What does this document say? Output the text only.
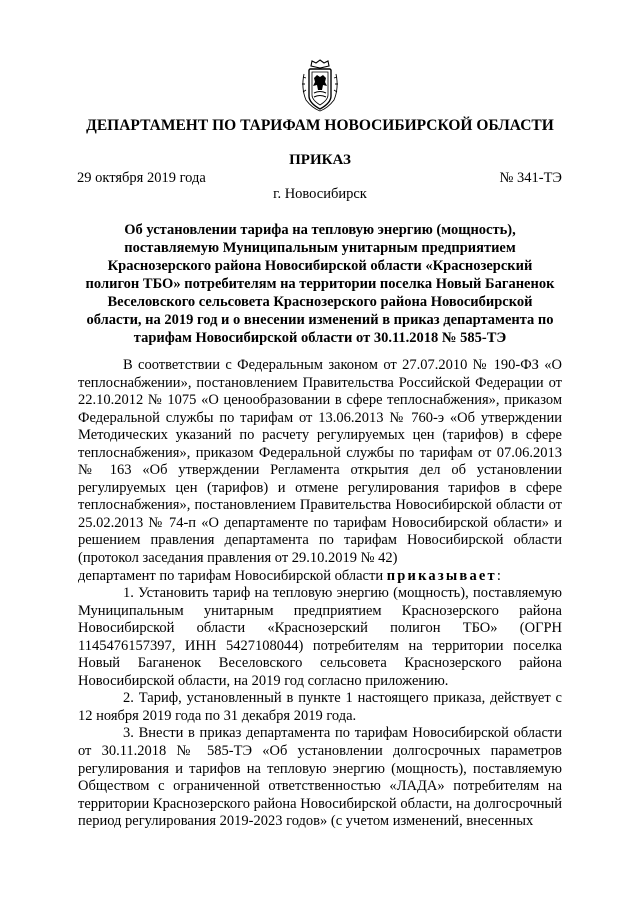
ДЕПАРТАМЕНТ ПО ТАРИФАМ НОВОСИБИРСКОЙ ОБЛАСТИ
ПРИКАЗ
29 октября 2019 года	№ 341-ТЭ
г. Новосибирск
Об установлении тарифа на тепловую энергию (мощность), поставляемую Муниципальным унитарным предприятием Краснозерского района Новосибирской области «Краснозерский полигон ТБО» потребителям на территории поселка Новый Баганенок Веселовского сельсовета Краснозерского района Новосибирской области, на 2019 год и о внесении изменений в приказ департамента по тарифам Новосибирской области от 30.11.2018 № 585-ТЭ

В соответствии с Федеральным законом от 27.07.2010 № 190-ФЗ «О теплоснабжении», постановлением Правительства Российской Федерации от 22.10.2012 № 1075 «О ценообразовании в сфере теплоснабжения», приказом Федеральной службы по тарифам от 13.06.2013 № 760-э «Об утверждении Методических указаний по расчету регулируемых цен (тарифов) в сфере теплоснабжения», приказом Федеральной службы по тарифам от 07.06.2013 № 163 «Об утверждении Регламента открытия дел об установлении регулируемых цен (тарифов) и отмене регулирования тарифов в сфере теплоснабжения», постановлением Правительства Новосибирской области от 25.02.2013 № 74-п «О департаменте по тарифам Новосибирской области» и решением правления департамента по тарифам Новосибирской области (протокол заседания правления от 29.10.2019 № 42)

департамент по тарифам Новосибирской области приказывает:

1. Установить тариф на тепловую энергию (мощность), поставляемую Муниципальным унитарным предприятием Краснозерского района Новосибирской области «Краснозерский полигон ТБО» (ОГРН 1145476157397, ИНН 5427108044) потребителям на территории поселка Новый Баганенок Веселовского сельсовета Краснозерского района Новосибирской области, на 2019 год согласно приложению.

2. Тариф, установленный в пункте 1 настоящего приказа, действует с 12 ноября 2019 года по 31 декабря 2019 года.

3. Внести в приказ департамента по тарифам Новосибирской области от 30.11.2018 № 585-ТЭ «Об установлении долгосрочных параметров регулирования и тарифов на тепловую энергию (мощность), поставляемую Обществом с ограниченной ответственностью «ЛАДА» потребителям на территории Краснозерского района Новосибирской области, на долгосрочный период регулирования 2019-2023 годов» (с учетом изменений, внесенных
